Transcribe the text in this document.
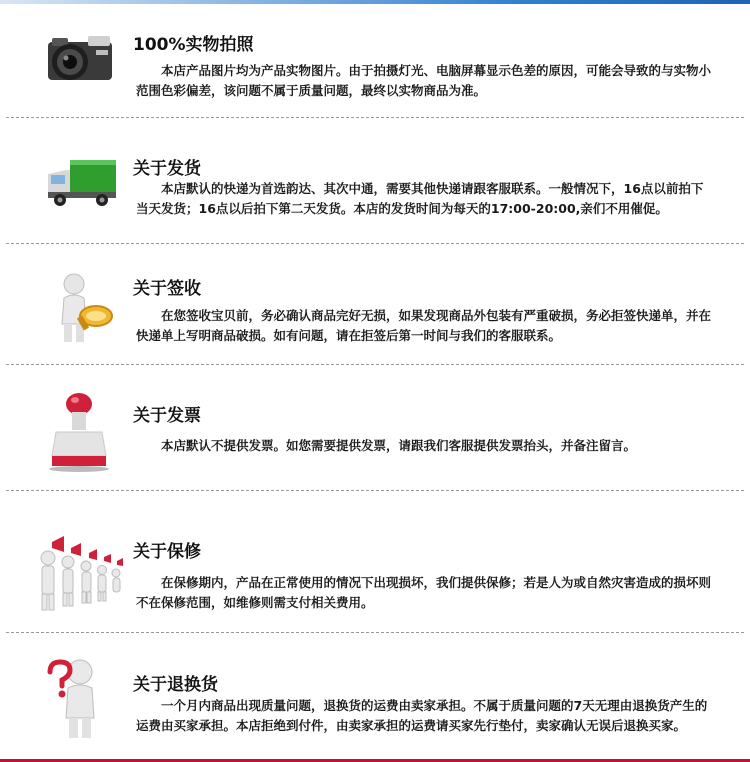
100%实物拍照

本店产品图片均为产品实物图片。由于拍摄灯光、电脑屏幕显示色差的原因，可能会导致的与实物小范围色彩偏差，该问题不属于质量问题，最终以实物商品为准。

关于发货

本店默认的快递为首选韵达、其次中通，需要其他快递请跟客服联系。一般情况下，16点以前拍下当天发货；16点以后拍下第二天发货。本店的发货时间为每天的17:00-20:00,亲们不用催促。

关于签收

在您签收宝贝前，务必确认商品完好无损，如果发现商品外包装有严重破损，务必拒签快递单，并在快递单上写明商品破损。如有问题，请在拒签后第一时间与我们的客服联系。

关于发票

本店默认不提供发票。如您需要提供发票，请跟我们客服提供发票抬头，并备注留言。

关于保修

在保修期内，产品在正常使用的情况下出现损坏，我们提供保修；若是人为或自然灾害造成的损坏则不在保修范围，如维修则需支付相关费用。

关于退换货

一个月内商品出现质量问题，退换货的运费由卖家承担。不属于质量问题的7天无理由退换货产生的运费由买家承担。本店拒绝到付件，由卖家承担的运费请买家先行垫付，卖家确认无误后退换买家。
